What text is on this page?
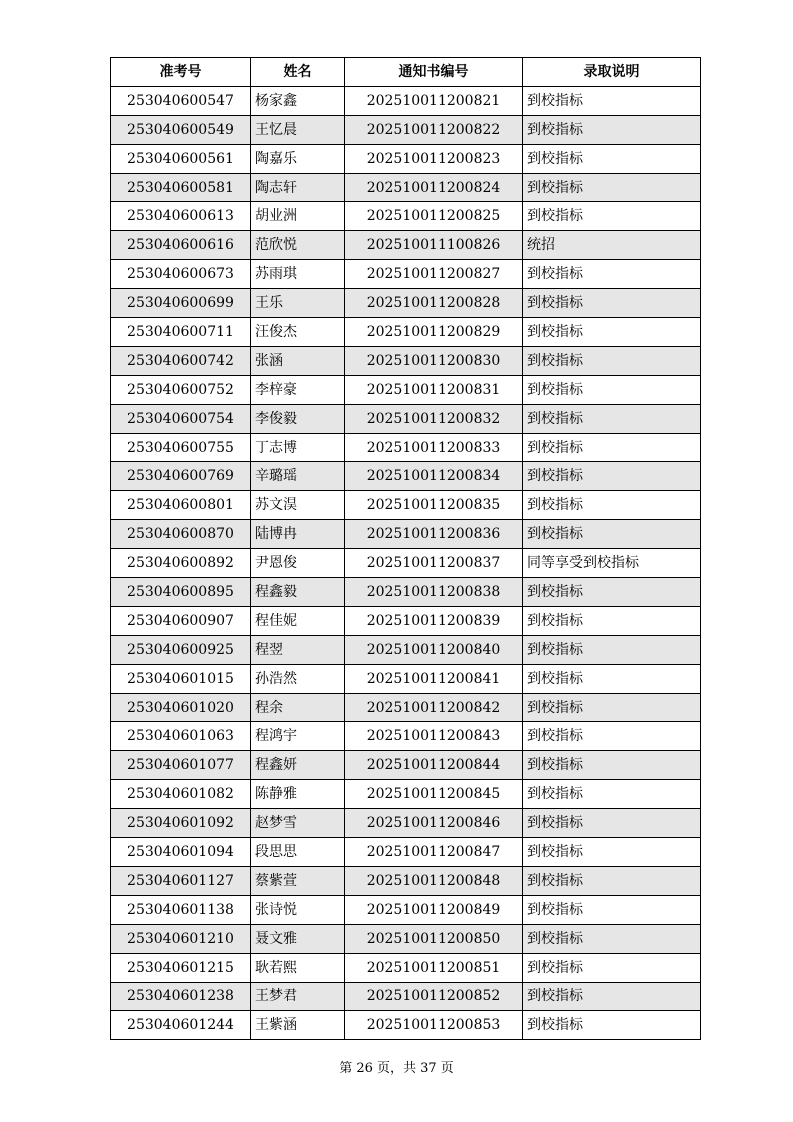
准考号	姓名	通知书编号	录取说明
253040600547	杨家鑫	202510011200821	到校指标
253040600549	王忆晨	202510011200822	到校指标
253040600561	陶嘉乐	202510011200823	到校指标
253040600581	陶志轩	202510011200824	到校指标
253040600613	胡业洲	202510011200825	到校指标
253040600616	范欣悦	202510011100826	统招
253040600673	苏雨琪	202510011200827	到校指标
253040600699	王乐	202510011200828	到校指标
253040600711	汪俊杰	202510011200829	到校指标
253040600742	张涵	202510011200830	到校指标
253040600752	李梓豪	202510011200831	到校指标
253040600754	李俊毅	202510011200832	到校指标
253040600755	丁志博	202510011200833	到校指标
253040600769	辛璐瑶	202510011200834	到校指标
253040600801	苏文淏	202510011200835	到校指标
253040600870	陆博冉	202510011200836	到校指标
253040600892	尹恩俊	202510011200837	同等享受到校指标
253040600895	程鑫毅	202510011200838	到校指标
253040600907	程佳妮	202510011200839	到校指标
253040600925	程翌	202510011200840	到校指标
253040601015	孙浩然	202510011200841	到校指标
253040601020	程余	202510011200842	到校指标
253040601063	程鸿宇	202510011200843	到校指标
253040601077	程鑫妍	202510011200844	到校指标
253040601082	陈静雅	202510011200845	到校指标
253040601092	赵梦雪	202510011200846	到校指标
253040601094	段思思	202510011200847	到校指标
253040601127	蔡紫萱	202510011200848	到校指标
253040601138	张诗悦	202510011200849	到校指标
253040601210	聂文雅	202510011200850	到校指标
253040601215	耿若熙	202510011200851	到校指标
253040601238	王梦君	202510011200852	到校指标
253040601244	王紫涵	202510011200853	到校指标
第 26 页，共 37 页
